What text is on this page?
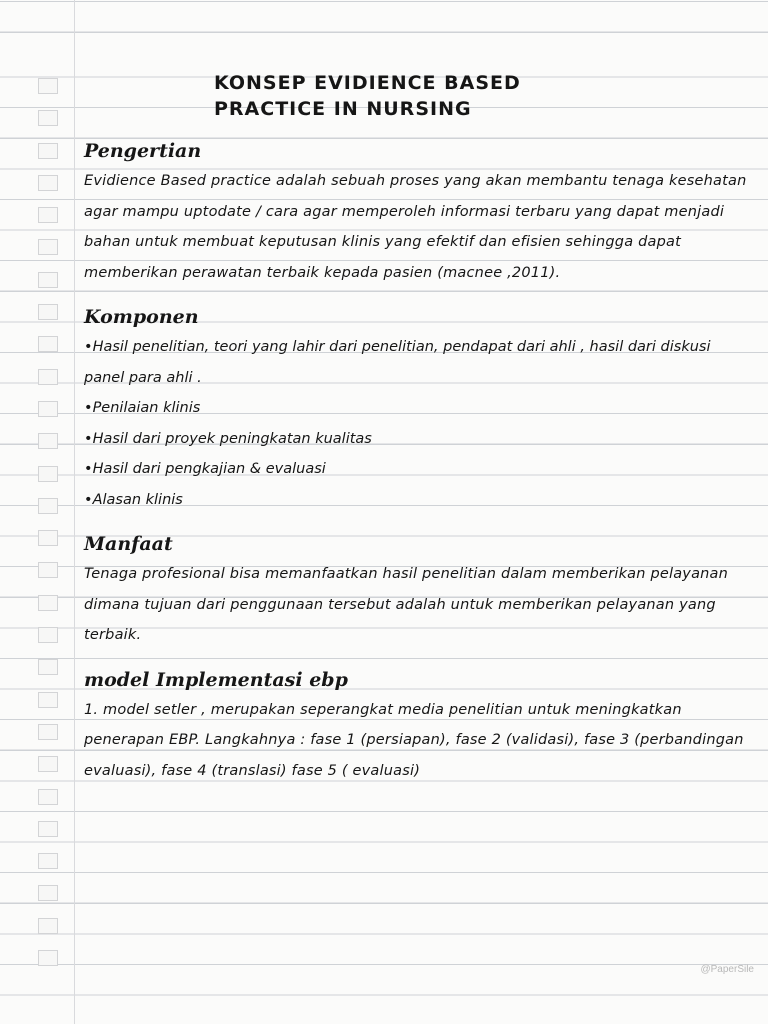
KONSEP EVIDIENCE BASED
PRACTICE IN NURSING
Pengertian
Evidience Based practice adalah sebuah proses yang akan membantu tenaga kesehatan agar mampu uptodate / cara agar memperoleh informasi terbaru yang dapat menjadi bahan untuk membuat keputusan klinis yang efektif dan efisien sehingga dapat memberikan perawatan terbaik kepada pasien (macnee ,2011).
Komponen
•Hasil penelitian, teori yang lahir dari penelitian, pendapat dari ahli , hasil dari diskusi panel para ahli .
•Penilaian klinis
•Hasil dari proyek peningkatan kualitas
•Hasil dari pengkajian & evaluasi
•Alasan klinis
Manfaat
Tenaga profesional bisa memanfaatkan hasil penelitian dalam memberikan pelayanan dimana tujuan dari penggunaan tersebut adalah untuk memberikan pelayanan yang terbaik.
model Implementasi ebp
1. model setler , merupakan seperangkat media penelitian untuk meningkatkan penerapan EBP. Langkahnya : fase 1 (persiapan), fase 2 (validasi), fase 3 (perbandingan evaluasi), fase 4 (translasi) fase 5 ( evaluasi)
@PaperSile
